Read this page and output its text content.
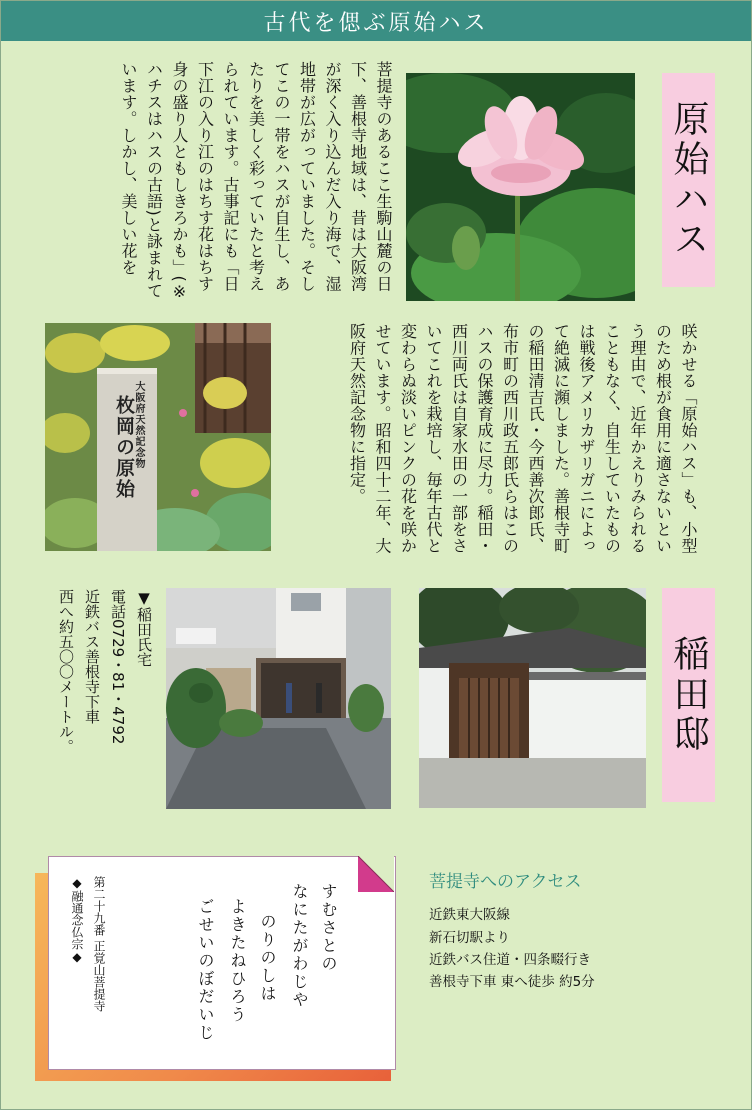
古代を偲ぶ原始ハス
菩提寺のあるここ生駒山麓の日下、善根寺地域は、昔は大阪湾が深く入り込んだ入り海で、湿地帯が広がっていました。そしてこの一帯をハスが自生し、あたりを美しく彩っていたと考えられています。古事記にも「日下江の入り江のはちす花はちす身の盛り人ともしきろかも」(※ハチスはハスの古語)と詠まれています。しかし、美しい花を	原始ハス
大阪府天然記念物
枚岡の原始	咲かせる「原始ハス」も、小型のため根が食用に適さないという理由で、近年かえりみられることもなく、自生していたものは戦後アメリカザリガニによって絶滅に瀕しました。善根寺町の稲田清吉氏・今西善次郎氏、布市町の西川政五郎氏らはこのハスの保護育成に尽力。稲田・西川両氏は自家水田の一部をさいてこれを栽培し、毎年古代と変わらぬ淡いピンクの花を咲かせています。昭和四十二年、大阪府天然記念物に指定。
▼稲田氏宅
電話0729・81・4792
近鉄バス善根寺下車
西へ約五〇〇メートル。	稲田邸
すむさとの
なにたがわじや
のりのしは
よきたねひろう
ごせいのぼだいじ
第二十九番 正覚山菩提寺
◆融通念仏宗◆	菩提寺へのアクセス
近鉄東大阪線
新石切駅より
近鉄バス住道・四条畷行き
善根寺下車 東へ徒歩 約5分
